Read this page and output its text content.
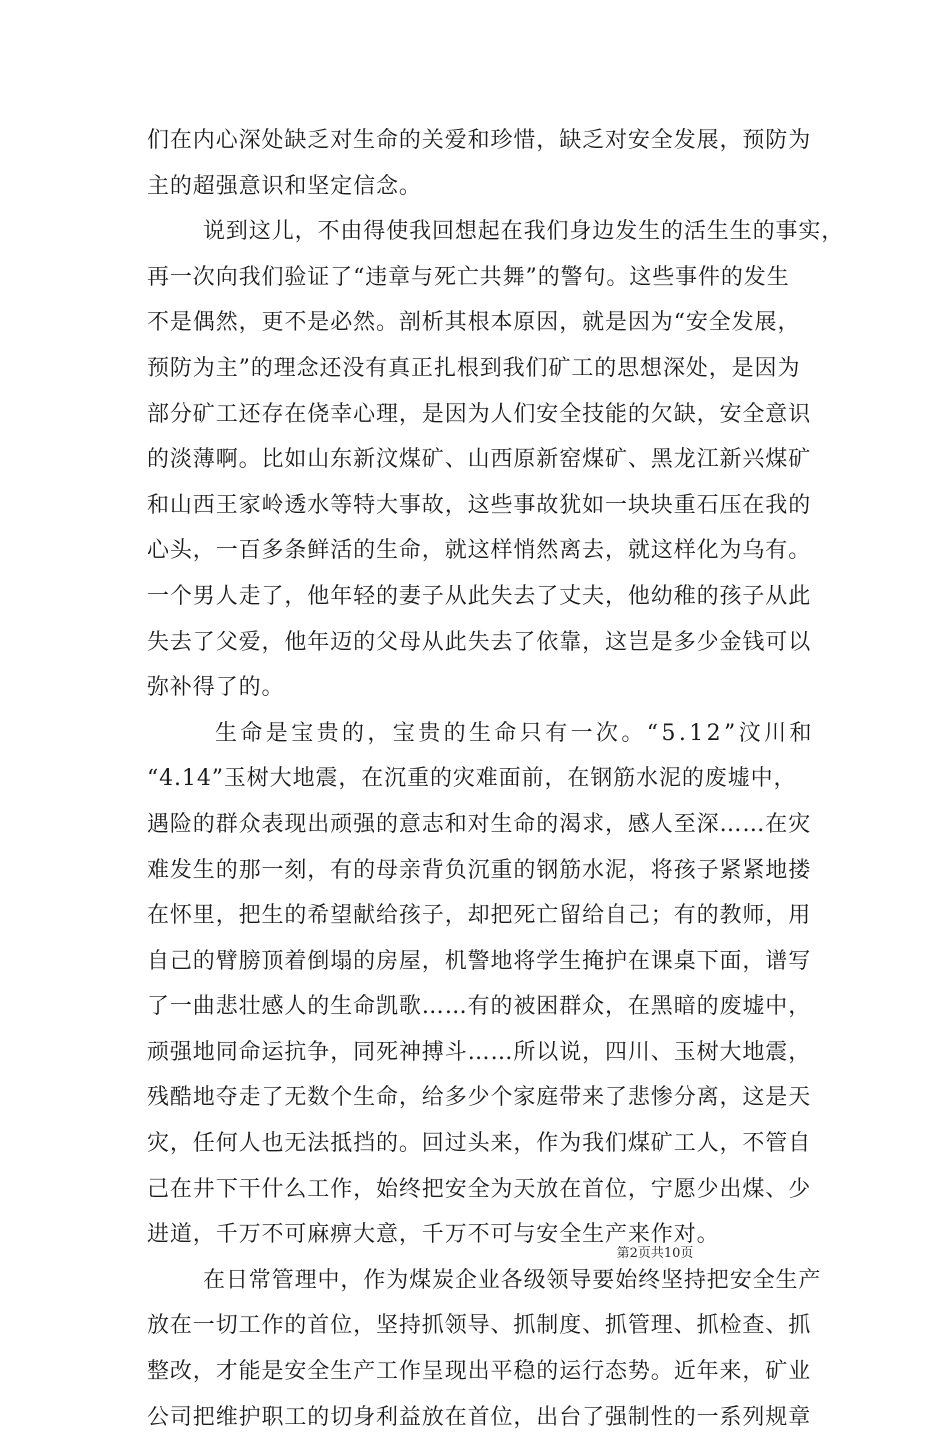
们在内心深处缺乏对生命的关爱和珍惜，缺乏对安全发展，预防为
主的超强意识和坚定信念。
说到这儿，不由得使我回想起在我们身边发生的活生生的事实，
再一次向我们验证了“违章与死亡共舞”的警句。这些事件的发生
不是偶然，更不是必然。剖析其根本原因，就是因为“安全发展，
预防为主”的理念还没有真正扎根到我们矿工的思想深处，是因为
部分矿工还存在侥幸心理，是因为人们安全技能的欠缺，安全意识
的淡薄啊。比如山东新汶煤矿、山西原新窑煤矿、黑龙江新兴煤矿
和山西王家岭透水等特大事故，这些事故犹如一块块重石压在我的
心头，一百多条鲜活的生命，就这样悄然离去，就这样化为乌有。
一个男人走了，他年轻的妻子从此失去了丈夫，他幼稚的孩子从此
失去了父爱，他年迈的父母从此失去了依靠，这岂是多少金钱可以
弥补得了的。
生命是宝贵的，宝贵的生命只有一次。“5.12”汶川和
“4.14”玉树大地震，在沉重的灾难面前，在钢筋水泥的废墟中，
遇险的群众表现出顽强的意志和对生命的渴求，感人至深……在灾
难发生的那一刻，有的母亲背负沉重的钢筋水泥，将孩子紧紧地搂
在怀里，把生的希望献给孩子，却把死亡留给自己；有的教师，用
自己的臂膀顶着倒塌的房屋，机警地将学生掩护在课桌下面，谱写
了一曲悲壮感人的生命凯歌……有的被困群众，在黑暗的废墟中，
顽强地同命运抗争，同死神搏斗……所以说，四川、玉树大地震，
残酷地夺走了无数个生命，给多少个家庭带来了悲惨分离，这是天
灾，任何人也无法抵挡的。回过头来，作为我们煤矿工人，不管自
己在井下干什么工作，始终把安全为天放在首位，宁愿少出煤、少
进道，千万不可麻痹大意，千万不可与安全生产来作对。
在日常管理中，作为煤炭企业各级领导要始终坚持把安全生产
放在一切工作的首位，坚持抓领导、抓制度、抓管理、抓检查、抓
整改，才能是安全生产工作呈现出平稳的运行态势。近年来，矿业
公司把维护职工的切身利益放在首位，出台了强制性的一系列规章
第2页共10页
